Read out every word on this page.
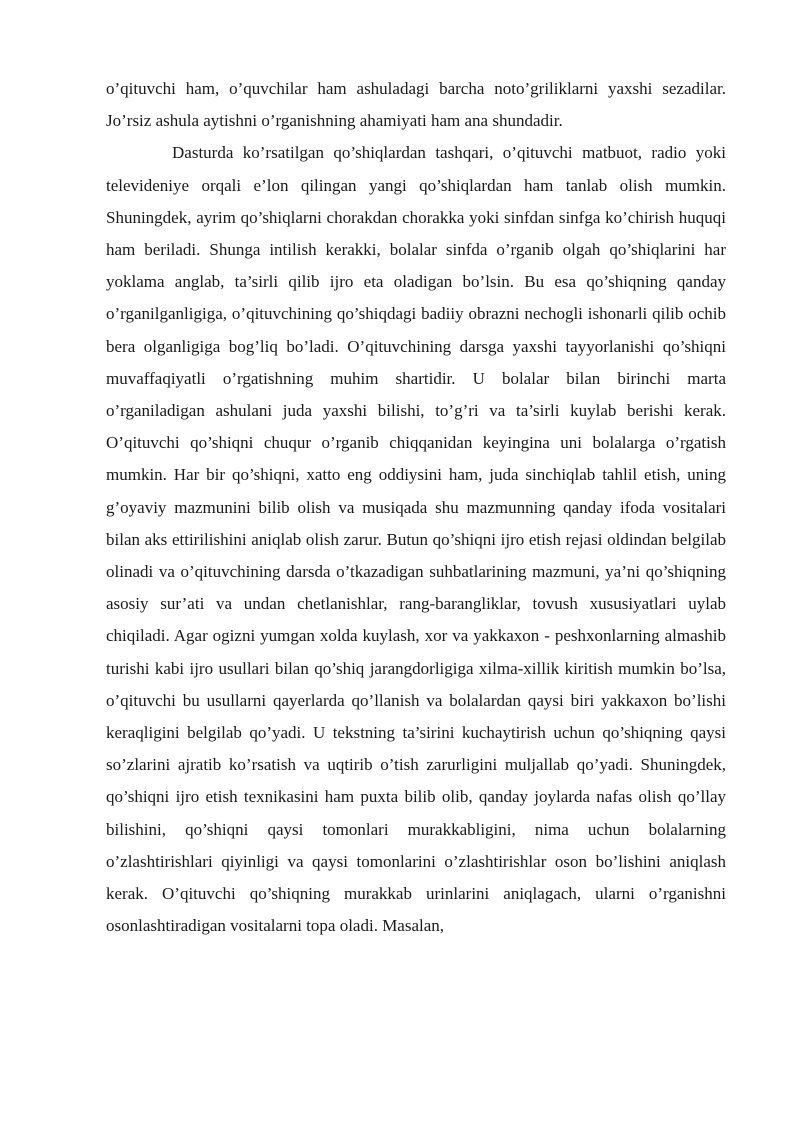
o’qituvchi ham, o’quvchilar ham ashuladagi barcha noto’griliklarni yaxshi sezadilar. Jo’rsiz ashula aytishni o’rganishning ahamiyati ham ana shundadir.

Dasturda ko’rsatilgan qo’shiqlardan tashqari, o’qituvchi matbuot, radio yoki televideniye orqali e’lon qilingan yangi qo’shiqlardan ham tanlab olish mumkin. Shuningdek, ayrim qo’shiqlarni chorakdan chorakka yoki sinfdan sinfga ko’chirish huquqi ham beriladi. Shunga intilish kerakki, bolalar sinfda o’rganib olgah qo’shiqlarini har yoklama anglab, ta’sirli qilib ijro eta oladigan bo’lsin. Bu esa qo’shiqning qanday o’rganilganligiga, o’qituvchining qo’shiqdagi badiiy obrazni nechogli ishonarli qilib ochib bera olganligiga bog’liq bo’ladi. O’qituvchining darsga yaxshi tayyorlanishi qo’shiqni muvaffaqiyatli o’rgatishning muhim shartidir. U bolalar bilan birinchi marta o’rganiladigan ashulani juda yaxshi bilishi, to’g’ri va ta’sirli kuylab berishi kerak. O’qituvchi qo’shiqni chuqur o’rganib chiqqanidan keyingina uni bolalarga o’rgatish mumkin. Har bir qo’shiqni, xatto eng oddiysini ham, juda sinchiqlab tahlil etish, uning g’oyaviy mazmunini bilib olish va musiqada shu mazmunning qanday ifoda vositalari bilan aks ettirilishini aniqlab olish zarur. Butun qo’shiqni ijro etish rejasi oldindan belgilab olinadi va o’qituvchining darsda o’tkazadigan suhbatlarining mazmuni, ya’ni qo’shiqning asosiy sur’ati va undan chetlanishlar, rang-barangliklar, tovush xususiyatlari uylab chiqiladi. Agar ogizni yumgan xolda kuylash, xor va yakkaxon - peshxonlarning almashib turishi kabi ijro usullari bilan qo’shiq jarangdorligiga xilma-xillik kiritish mumkin bo’lsa, o’qituvchi bu usullarni qayerlarda qo’llanish va bolalardan qaysi biri yakkaxon bo’lishi keraqligini belgilab qo’yadi. U tekstning ta’sirini kuchaytirish uchun qo’shiqning qaysi so’zlarini ajratib ko’rsatish va uqtirib o’tish zarurligini muljallab qo’yadi. Shuningdek, qo’shiqni ijro etish texnikasini ham puxta bilib olib, qanday joylarda nafas olish qo’llay bilishini, qo’shiqni qaysi tomonlari murakkabligini, nima uchun bolalarning o’zlashtirishlari qiyinligi va qaysi tomonlarini o’zlashtirishlar oson bo’lishini aniqlash kerak. O’qituvchi qo’shiqning murakkab urinlarini aniqlagach, ularni o’rganishni osonlashtiradigan vositalarni topa oladi. Masalan,
